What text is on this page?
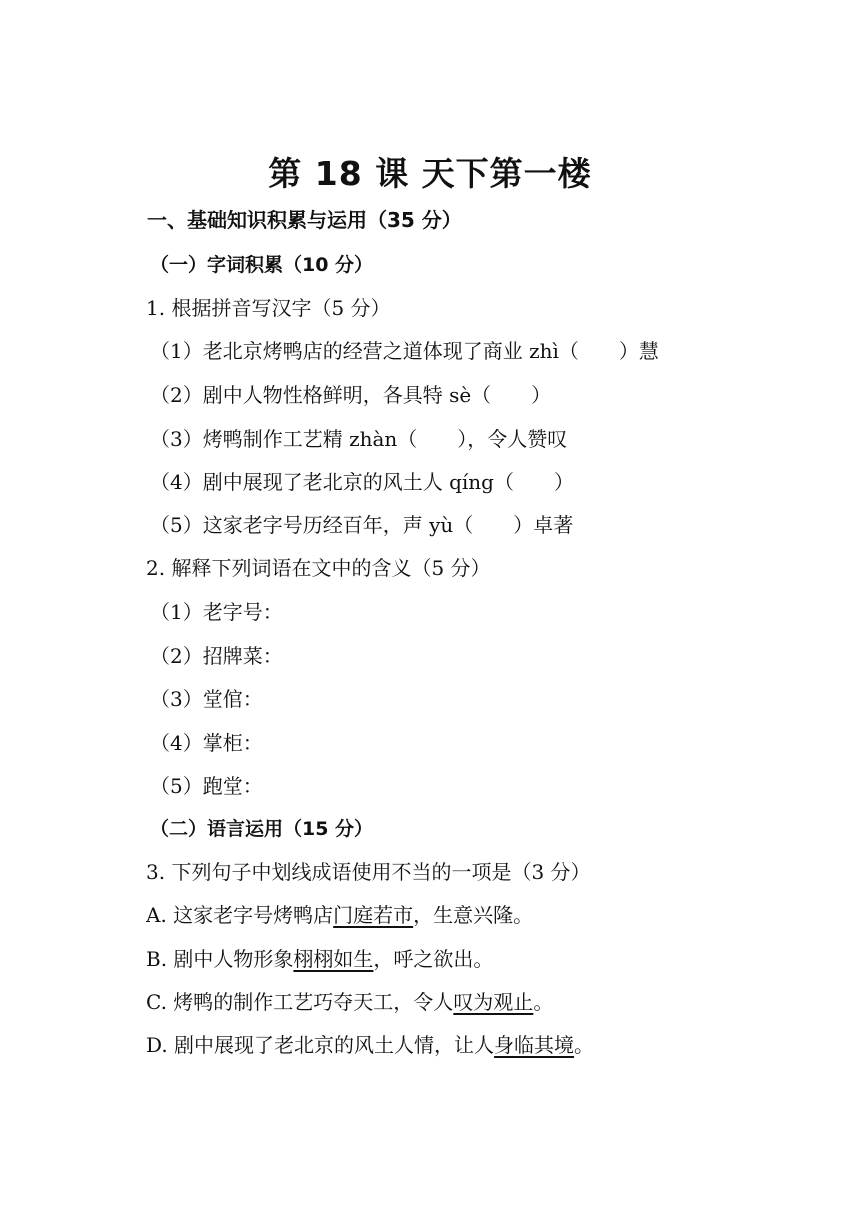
第 18 课 天下第一楼
一、基础知识积累与运用（35 分）
（一）字词积累（10 分）
1. 根据拼音写汉字（5 分）
（1）老北京烤鸭店的经营之道体现了商业 zhì（　　）慧
（2）剧中人物性格鲜明，各具特 sè（　　）
（3）烤鸭制作工艺精 zhàn（　　），令人赞叹
（4）剧中展现了老北京的风土人 qíng（　　）
（5）这家老字号历经百年，声 yù（　　）卓著
2. 解释下列词语在文中的含义（5 分）
（1）老字号：
（2）招牌菜：
（3）堂倌：
（4）掌柜：
（5）跑堂：
（二）语言运用（15 分）
3. 下列句子中划线成语使用不当的一项是（3 分）
A. 这家老字号烤鸭店门庭若市，生意兴隆。
B. 剧中人物形象栩栩如生，呼之欲出。
C. 烤鸭的制作工艺巧夺天工，令人叹为观止。
D. 剧中展现了老北京的风土人情，让人身临其境。
